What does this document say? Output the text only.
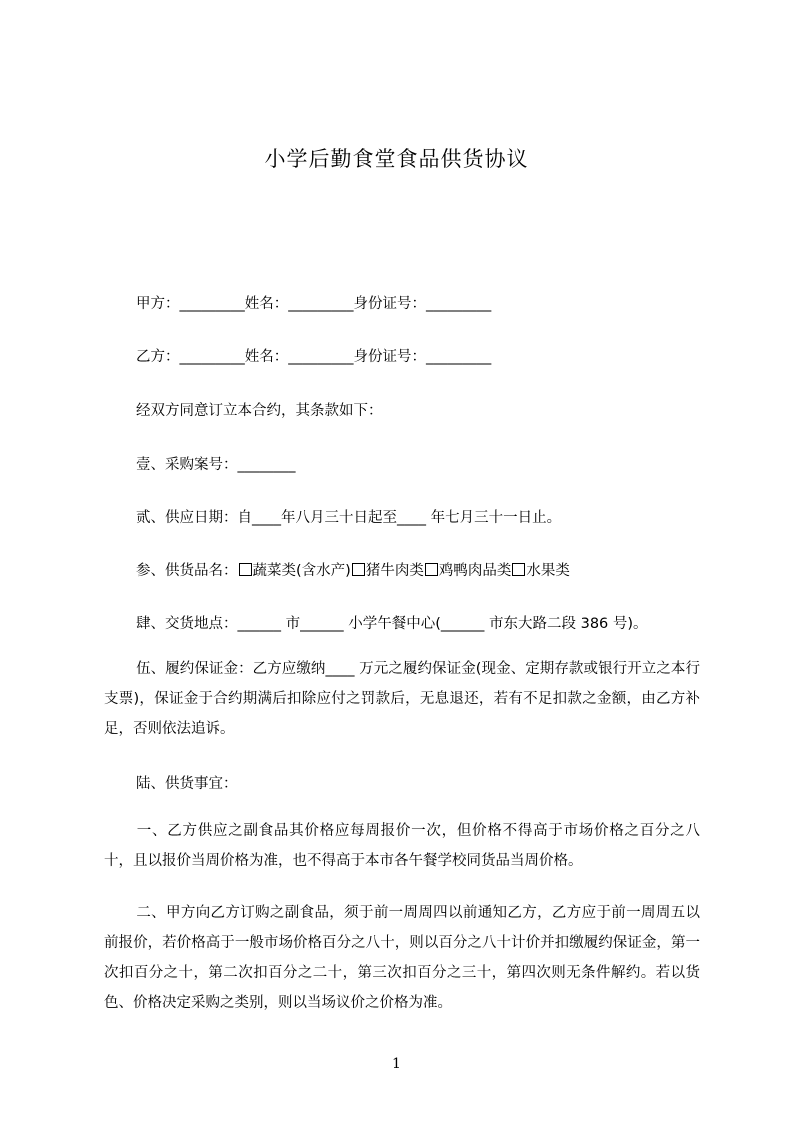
小学后勤食堂食品供货协议
甲方：_________姓名：_________身份证号：_________
乙方：_________姓名：_________身份证号：_________
经双方同意订立本合约，其条款如下：
壹、采购案号：________
贰、供应日期：自____年八月三十日起至____ 年七月三十一日止。
参、供货品名： 蔬菜类(含水产) 猪牛肉类 鸡鸭肉品类 水果类
肆、交货地点：______ 市______ 小学午餐中心(______ 市东大路二段 386 号)。
伍、履约保证金：乙方应缴纳____ 万元之履约保证金(现金、定期存款或银行开立之本行支票)，保证金于合约期满后扣除应付之罚款后，无息退还，若有不足扣款之金额，由乙方补足，否则依法追诉。
陆、供货事宜：
一、乙方供应之副食品其价格应每周报价一次，但价格不得高于市场价格之百分之八十，且以报价当周价格为准，也不得高于本市各午餐学校同货品当周价格。
二、甲方向乙方订购之副食品，须于前一周周四以前通知乙方，乙方应于前一周周五以前报价，若价格高于一般市场价格百分之八十，则以百分之八十计价并扣缴履约保证金，第一次扣百分之十，第二次扣百分之二十，第三次扣百分之三十，第四次则无条件解约。若以货色、价格决定采购之类别，则以当场议价之价格为准。
1
